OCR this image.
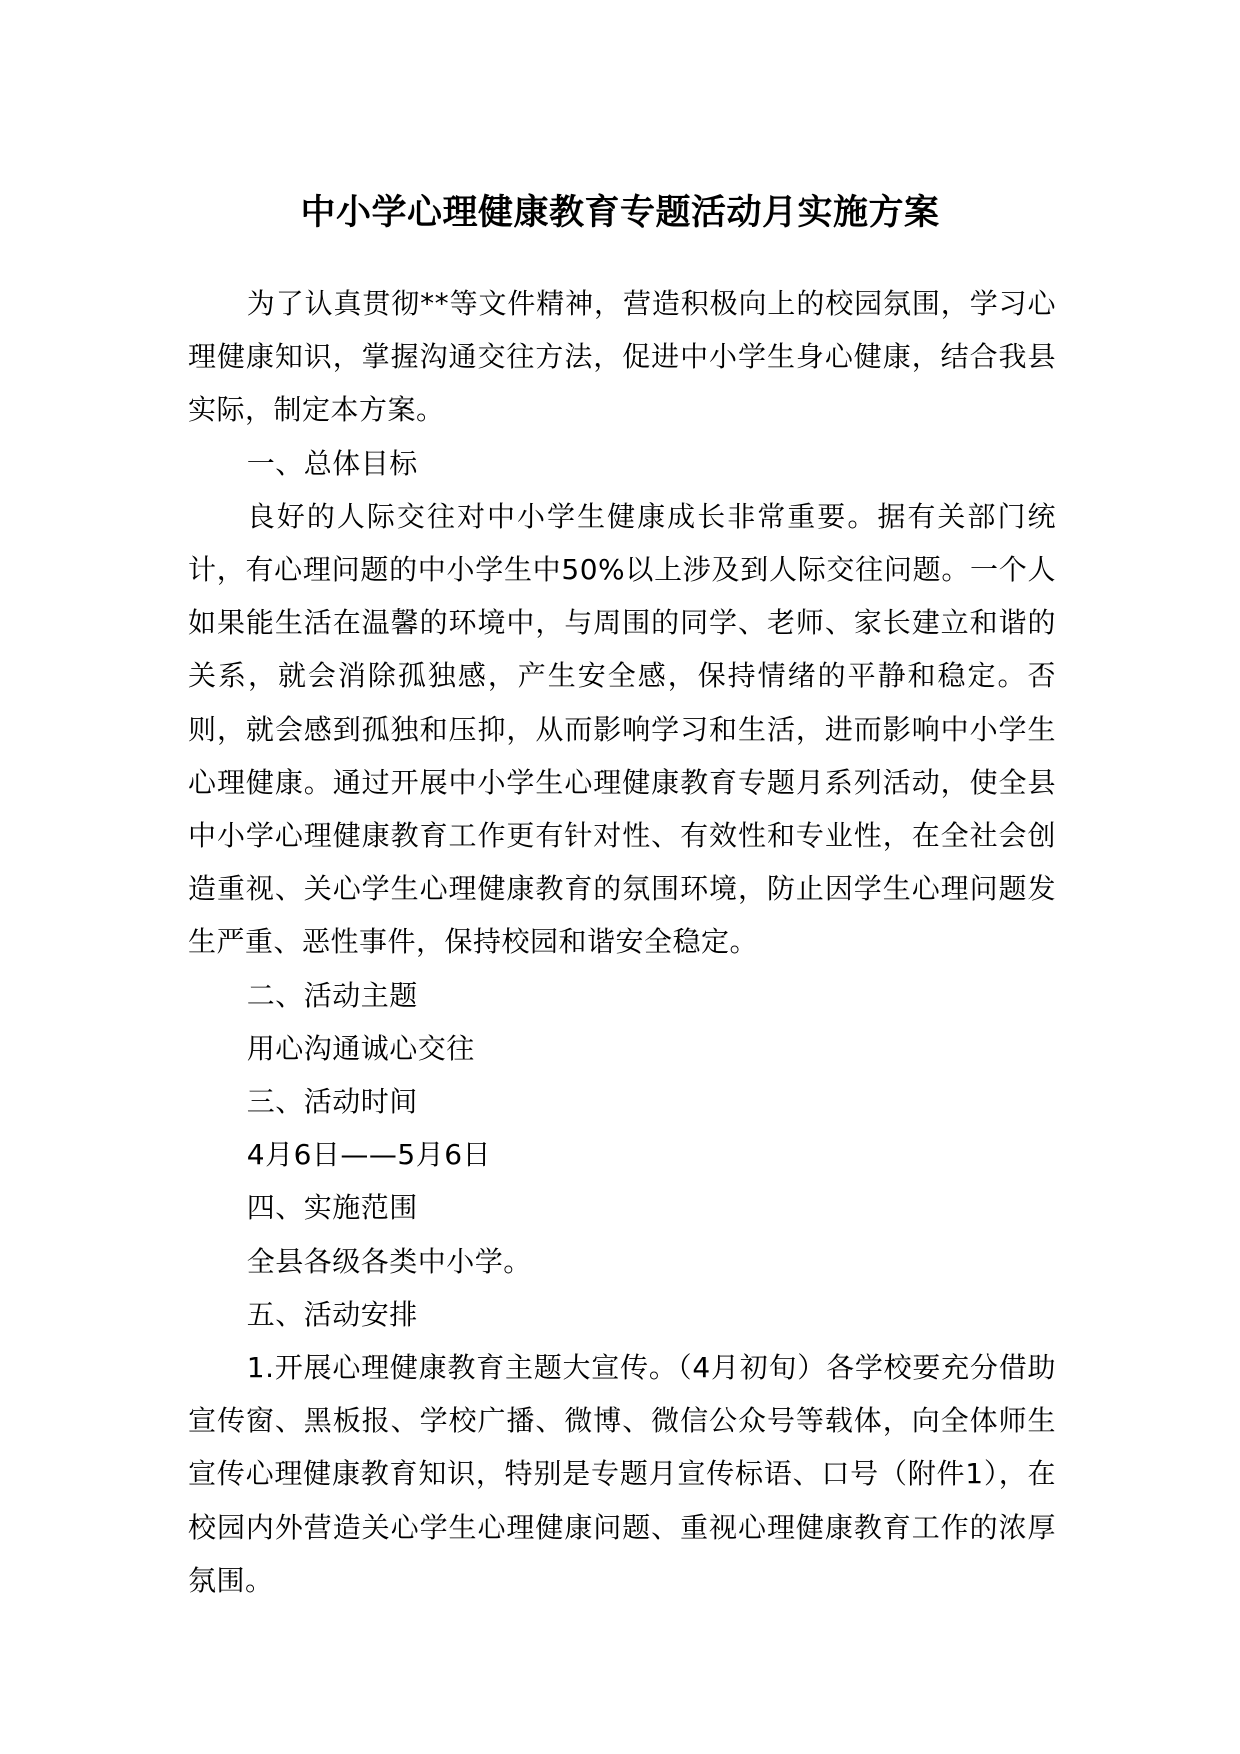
中小学心理健康教育专题活动月实施方案

为了认真贯彻**等文件精神，营造积极向上的校园氛围，学习心理健康知识，掌握沟通交往方法，促进中小学生身心健康，结合我县实际，制定本方案。

一、总体目标

良好的人际交往对中小学生健康成长非常重要。据有关部门统计，有心理问题的中小学生中50%以上涉及到人际交往问题。一个人如果能生活在温馨的环境中，与周围的同学、老师、家长建立和谐的关系，就会消除孤独感，产生安全感，保持情绪的平静和稳定。否则，就会感到孤独和压抑，从而影响学习和生活，进而影响中小学生心理健康。通过开展中小学生心理健康教育专题月系列活动，使全县中小学心理健康教育工作更有针对性、有效性和专业性，在全社会创造重视、关心学生心理健康教育的氛围环境，防止因学生心理问题发生严重、恶性事件，保持校园和谐安全稳定。

二、活动主题

用心沟通诚心交往

三、活动时间

4月6日——5月6日

四、实施范围

全县各级各类中小学。

五、活动安排

1.开展心理健康教育主题大宣传。（4月初旬）各学校要充分借助宣传窗、黑板报、学校广播、微博、微信公众号等载体，向全体师生宣传心理健康教育知识，特别是专题月宣传标语、口号（附件1），在校园内外营造关心学生心理健康问题、重视心理健康教育工作的浓厚氛围。
